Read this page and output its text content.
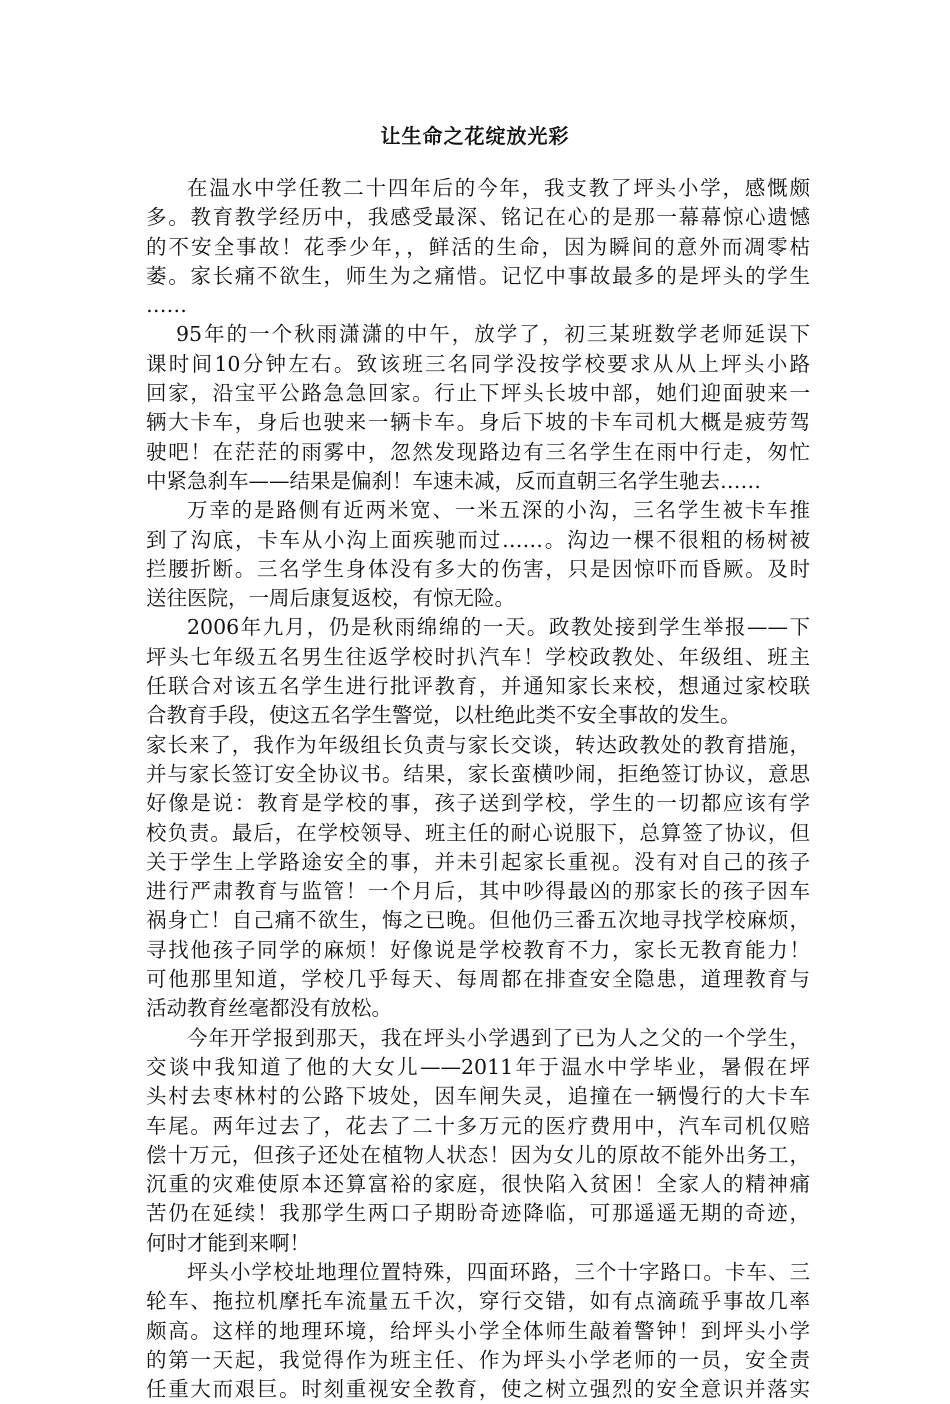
让生命之花绽放光彩
在温水中学任教二十四年后的今年，我支教了坪头小学，感慨颇
多。教育教学经历中，我感受最深、铭记在心的是那一幕幕惊心遗憾
的不安全事故！花季少年，，鲜活的生命，因为瞬间的意外而凋零枯
萎。家长痛不欲生，师生为之痛惜。记忆中事故最多的是坪头的学生
……
95年的一个秋雨潇潇的中午，放学了，初三某班数学老师延误下
课时间10分钟左右。致该班三名同学没按学校要求从从上坪头小路
回家，沿宝平公路急急回家。行止下坪头长坡中部，她们迎面驶来一
辆大卡车，身后也驶来一辆卡车。身后下坡的卡车司机大概是疲劳驾
驶吧！在茫茫的雨雾中，忽然发现路边有三名学生在雨中行走，匆忙
中紧急刹车——结果是偏刹！车速未减，反而直朝三名学生驰去……
万幸的是路侧有近两米宽、一米五深的小沟，三名学生被卡车推
到了沟底，卡车从小沟上面疾驰而过……。沟边一棵不很粗的杨树被
拦腰折断。三名学生身体没有多大的伤害，只是因惊吓而昏厥。及时
送往医院，一周后康复返校，有惊无险。
2006年九月，仍是秋雨绵绵的一天。政教处接到学生举报——下
坪头七年级五名男生往返学校时扒汽车！学校政教处、年级组、班主
任联合对该五名学生进行批评教育，并通知家长来校，想通过家校联
合教育手段，使这五名学生警觉，以杜绝此类不安全事故的发生。
家长来了，我作为年级组长负责与家长交谈，转达政教处的教育措施，
并与家长签订安全协议书。结果，家长蛮横吵闹，拒绝签订协议，意思
好像是说：教育是学校的事，孩子送到学校，学生的一切都应该有学
校负责。最后，在学校领导、班主任的耐心说服下，总算签了协议，但
关于学生上学路途安全的事，并未引起家长重视。没有对自己的孩子
进行严肃教育与监管！一个月后，其中吵得最凶的那家长的孩子因车
祸身亡！自己痛不欲生，悔之已晚。但他仍三番五次地寻找学校麻烦，
寻找他孩子同学的麻烦！好像说是学校教育不力，家长无教育能力！
可他那里知道，学校几乎每天、每周都在排查安全隐患，道理教育与
活动教育丝毫都没有放松。
今年开学报到那天，我在坪头小学遇到了已为人之父的一个学生，
交谈中我知道了他的大女儿——2011年于温水中学毕业，暑假在坪
头村去枣林村的公路下坡处，因车闸失灵，追撞在一辆慢行的大卡车
车尾。两年过去了，花去了二十多万元的医疗费用中，汽车司机仅赔
偿十万元，但孩子还处在植物人状态！因为女儿的原故不能外出务工，
沉重的灾难使原本还算富裕的家庭，很快陷入贫困！全家人的精神痛
苦仍在延续！我那学生两口子期盼奇迹降临，可那遥遥无期的奇迹，
何时才能到来啊！
坪头小学校址地理位置特殊，四面环路，三个十字路口。卡车、三
轮车、拖拉机摩托车流量五千次，穿行交错，如有点滴疏乎事故几率
颇高。这样的地理环境，给坪头小学全体师生敲着警钟！到坪头小学
的第一天起，我觉得作为班主任、作为坪头小学老师的一员，安全责
任重大而艰巨。时刻重视安全教育，使之树立强烈的安全意识并落实
